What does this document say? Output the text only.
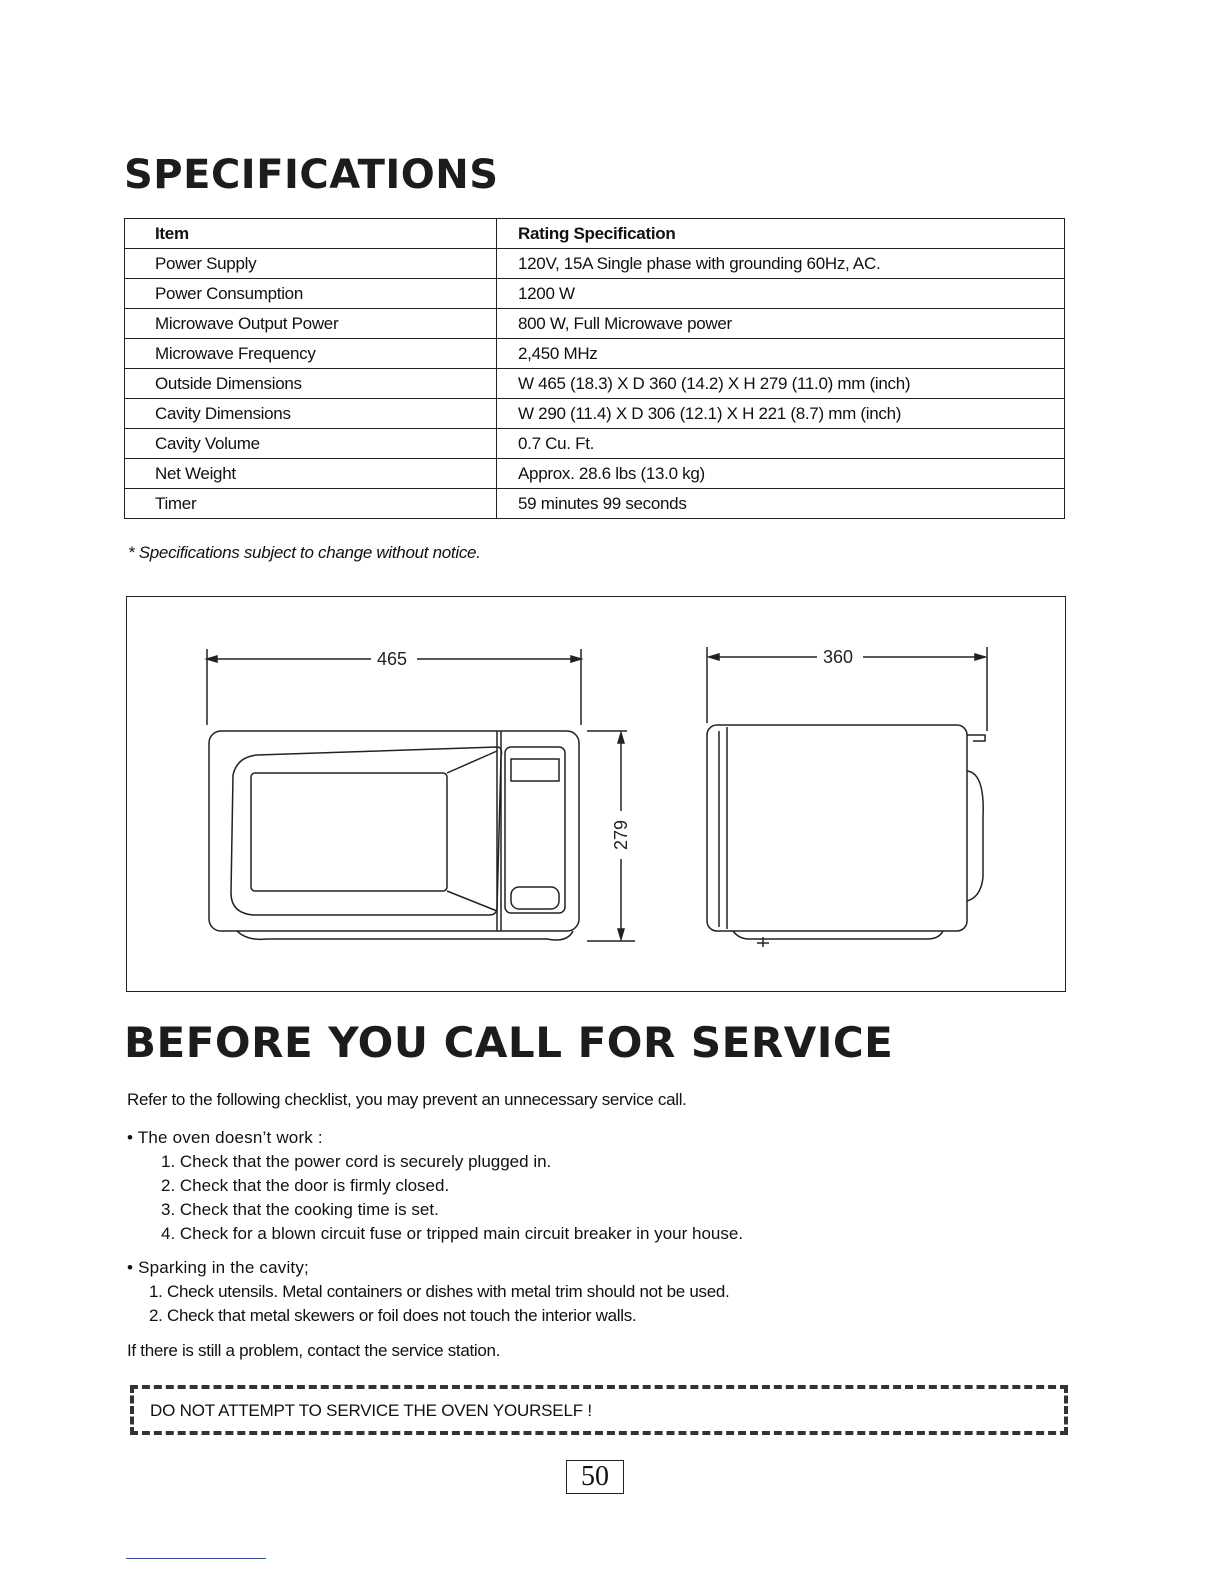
SPECIFICATIONS
Item	Rating Specification
Power Supply	120V, 15A Single phase with grounding 60Hz, AC.
Power Consumption	1200 W
Microwave Output Power	800 W, Full Microwave power
Microwave Frequency	2,450 MHz
Outside Dimensions	W 465 (18.3) X D 360 (14.2) X H 279 (11.0) mm (inch)
Cavity Dimensions	W 290 (11.4) X D 306 (12.1) X H 221 (8.7) mm (inch)
Cavity Volume	0.7 Cu. Ft.
Net Weight	Approx. 28.6 lbs (13.0 kg)
Timer	59 minutes 99 seconds
* Specifications subject to change without notice.
465	360
279
BEFORE YOU CALL FOR SERVICE
Refer to the following checklist, you may prevent an unnecessary service call.
• The oven doesn’t work :
1. Check that the power cord is securely plugged in.
2. Check that the door is firmly closed.
3. Check that the cooking time is set.
4. Check for a blown circuit fuse or tripped main circuit breaker in your house.
• Sparking in the cavity;
1. Check utensils. Metal containers or dishes with metal trim should not be used.
2. Check that metal skewers or foil does not touch the interior walls.
If there is still a problem, contact the service station.
DO NOT ATTEMPT TO SERVICE THE OVEN YOURSELF !
50
